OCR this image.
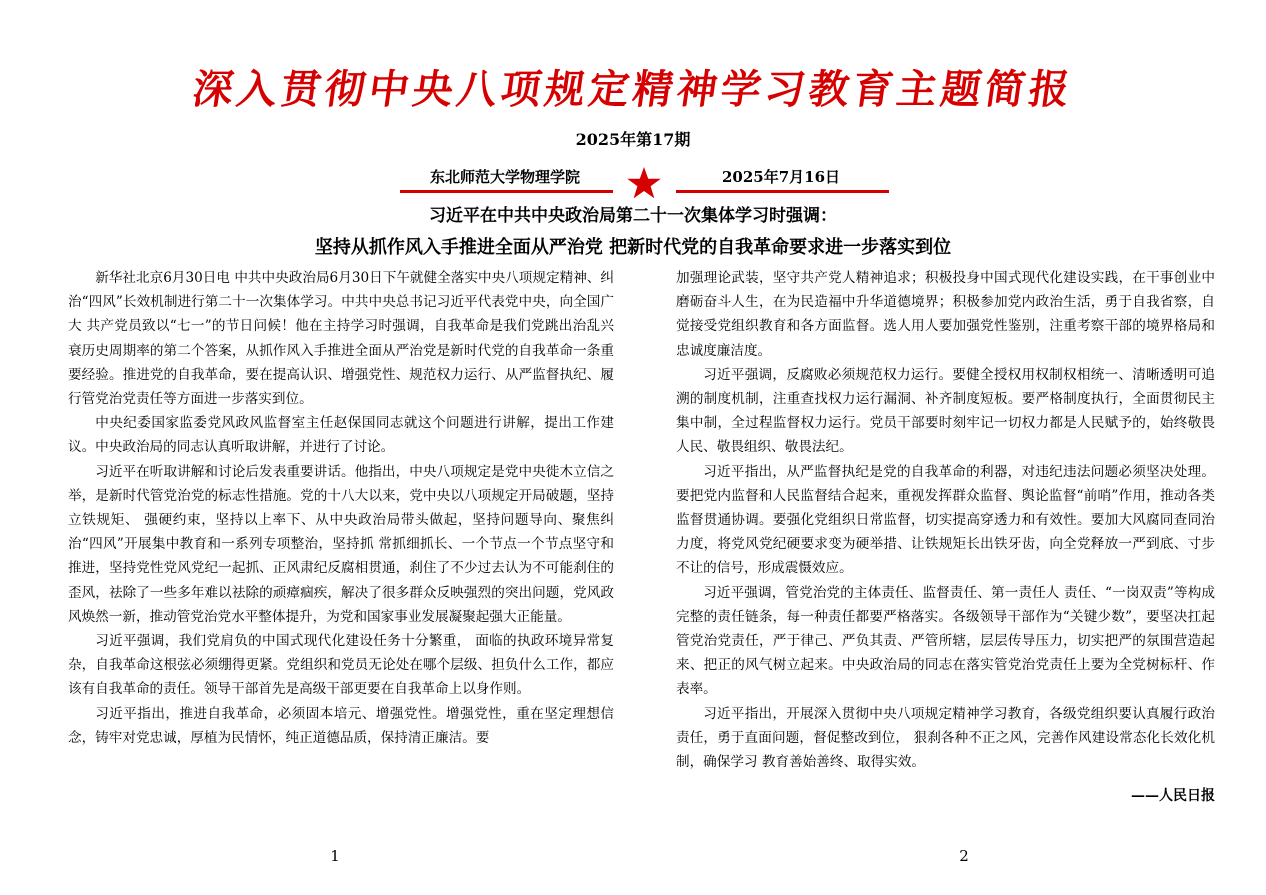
深入贯彻中央八项规定精神学习教育主题简报
2025年第17期
东北师范大学物理学院	2025年7月16日
习近平在中共中央政治局第二十一次集体学习时强调：
坚持从抓作风入手推进全面从严治党 把新时代党的自我革命要求进一步落实到位

新华社北京6月30日电 中共中央政治局6月30日下午就健全落实中央八项规定精神、纠治“四风”长效机制进行第二十一次集体学习。中共中央总书记习近平代表党中央，向全国广大 共产党员致以“七一”的节日问候！他在主持学习时强调，自我革命是我们党跳出治乱兴衰历史周期率的第二个答案，从抓作风入手推进全面从严治党是新时代党的自我革命一条重要经验。推进党的自我革命，要在提高认识、增强党性、规范权力运行、从严监督执纪、履行管党治党责任等方面进一步落实到位。

中央纪委国家监委党风政风监督室主任赵保国同志就这个问题进行讲解，提出工作建议。中央政治局的同志认真听取讲解，并进行了讨论。

习近平在听取讲解和讨论后发表重要讲话。他指出，中央八项规定是党中央徙木立信之举，是新时代管党治党的标志性措施。党的十八大以来，党中央以八项规定开局破题，坚持立铁规矩、 强硬约束，坚持以上率下、从中央政治局带头做起，坚持问题导向、聚焦纠治“四风”开展集中教育和一系列专项整治，坚持抓 常抓细抓长、一个节点一个节点坚守和推进，坚持党性党风党纪一起抓、正风肃纪反腐相贯通，刹住了不少过去认为不可能刹住的歪风，祛除了一些多年难以祛除的顽瘴痼疾，解决了很多群众反映强烈的突出问题，党风政风焕然一新，推动管党治党水平整体提升，为党和国家事业发展凝聚起强大正能量。

习近平强调，我们党肩负的中国式现代化建设任务十分繁重， 面临的执政环境异常复杂，自我革命这根弦必须绷得更紧。党组织和党员无论处在哪个层级、担负什么工作，都应该有自我革命的责任。领导干部首先是高级干部更要在自我革命上以身作则。

习近平指出，推进自我革命，必须固本培元、增强党性。增强党性，重在坚定理想信念，铸牢对党忠诚，厚植为民情怀，纯正道德品质，保持清正廉洁。要

加强理论武装，坚守共产党人精神追求；积极投身中国式现代化建设实践，在干事创业中磨砺奋斗人生，在为民造福中升华道德境界；积极参加党内政治生活，勇于自我省察，自觉接受党组织教育和各方面监督。选人用人要加强党性鉴别，注重考察干部的境界格局和忠诚度廉洁度。

习近平强调，反腐败必须规范权力运行。要健全授权用权制权相统一、清晰透明可追溯的制度机制，注重查找权力运行漏洞、补齐制度短板。要严格制度执行，全面贯彻民主集中制，全过程监督权力运行。党员干部要时刻牢记一切权力都是人民赋予的，始终敬畏人民、敬畏组织、敬畏法纪。

习近平指出，从严监督执纪是党的自我革命的利器，对违纪违法问题必须坚决处理。要把党内监督和人民监督结合起来，重视发挥群众监督、舆论监督“前哨”作用，推动各类监督贯通协调。要强化党组织日常监督，切实提高穿透力和有效性。要加大风腐同查同治力度，将党风党纪硬要求变为硬举措、让铁规矩长出铁牙齿，向全党释放一严到底、寸步不让的信号，形成震慑效应。

习近平强调，管党治党的主体责任、监督责任、第一责任人 责任、“一岗双责”等构成完整的责任链条，每一种责任都要严格落实。各级领导干部作为“关键少数”，要坚决扛起管党治党责任，严于律己、严负其责、严管所辖，层层传导压力，切实把严的氛围营造起来、把正的风气树立起来。中央政治局的同志在落实管党治党责任上要为全党树标杆、作表率。

习近平指出，开展深入贯彻中央八项规定精神学习教育，各级党组织要认真履行政治责任，勇于直面问题，督促整改到位， 狠刹各种不正之风，完善作风建设常态化长效化机制，确保学习 教育善始善终、取得实效。

——人民日报
1	2
